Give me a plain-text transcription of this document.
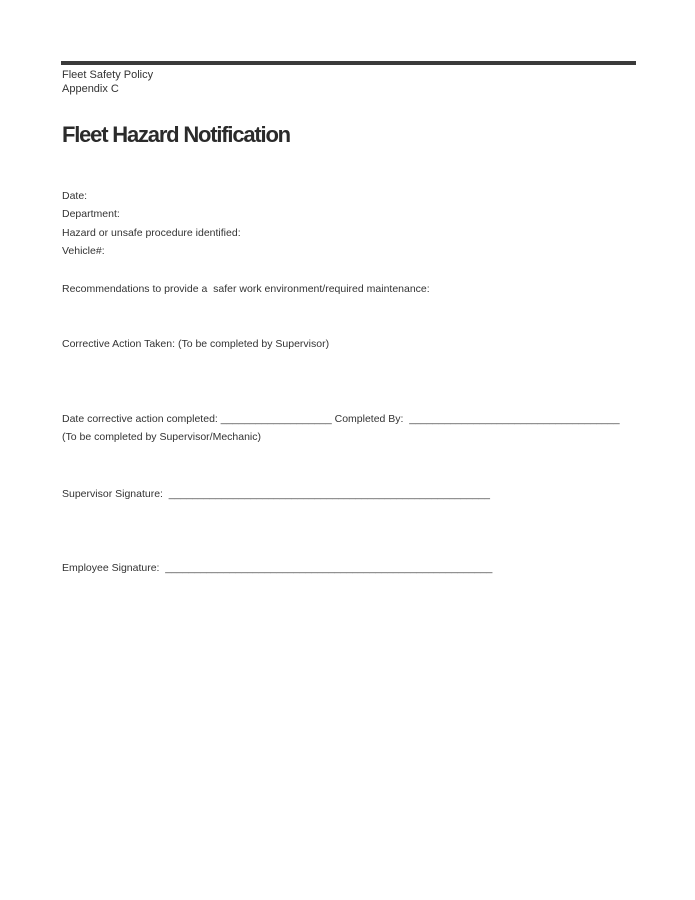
Fleet Safety Policy
Appendix C
Fleet Hazard Notification
Date:
Department:
Hazard or unsafe procedure identified:
Vehicle#:
Recommendations to provide a  safer work environment/required maintenance:
Corrective Action Taken: (To be completed by Supervisor)
Date corrective action completed: ___________________ Completed By:  ____________________________________
(To be completed by Supervisor/Mechanic)
Supervisor Signature:  _______________________________________________________
Employee Signature:  ________________________________________________________
